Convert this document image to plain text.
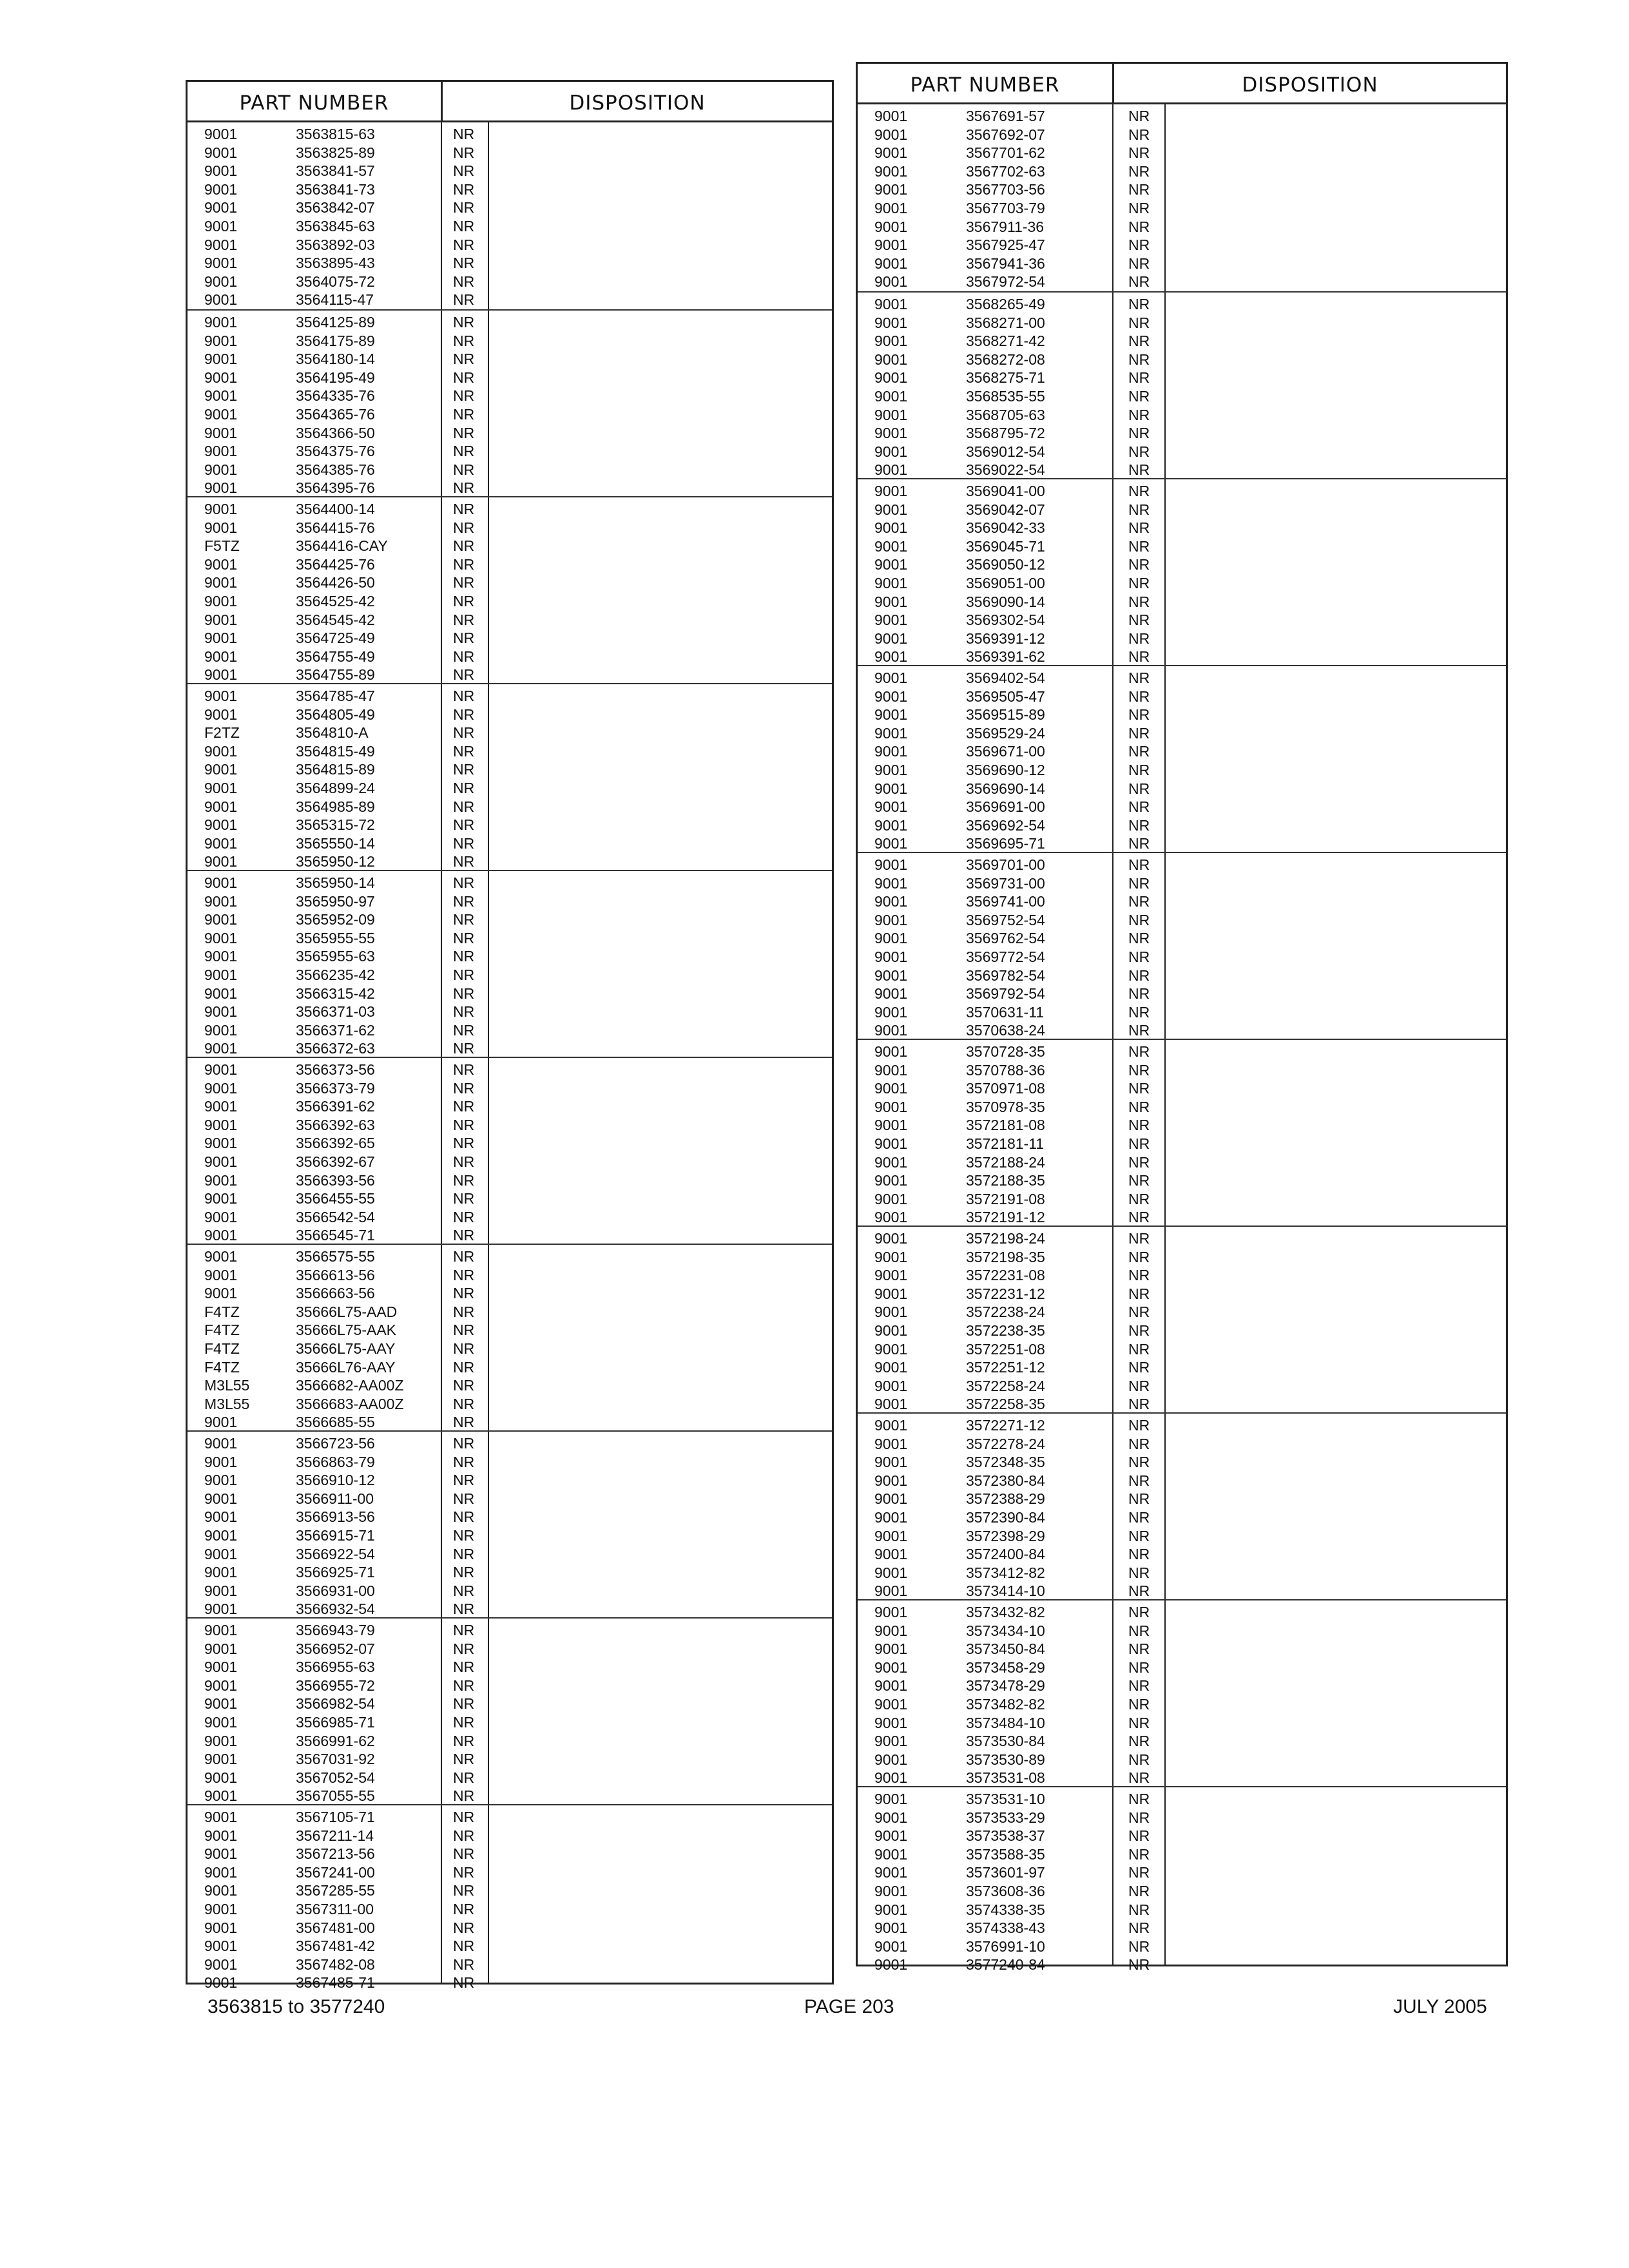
PART NUMBER	DISPOSITION
9001	3563815-63	NR
9001	3563825-89	NR
9001	3563841-57	NR
9001	3563841-73	NR
9001	3563842-07	NR
9001	3563845-63	NR
9001	3563892-03	NR
9001	3563895-43	NR
9001	3564075-72	NR
9001	3564115-47	NR
9001	3564125-89	NR
9001	3564175-89	NR
9001	3564180-14	NR
9001	3564195-49	NR
9001	3564335-76	NR
9001	3564365-76	NR
9001	3564366-50	NR
9001	3564375-76	NR
9001	3564385-76	NR
9001	3564395-76	NR
9001	3564400-14	NR
9001	3564415-76	NR
F5TZ	3564416-CAY	NR
9001	3564425-76	NR
9001	3564426-50	NR
9001	3564525-42	NR
9001	3564545-42	NR
9001	3564725-49	NR
9001	3564755-49	NR
9001	3564755-89	NR
9001	3564785-47	NR
9001	3564805-49	NR
F2TZ	3564810-A	NR
9001	3564815-49	NR
9001	3564815-89	NR
9001	3564899-24	NR
9001	3564985-89	NR
9001	3565315-72	NR
9001	3565550-14	NR
9001	3565950-12	NR
9001	3565950-14	NR
9001	3565950-97	NR
9001	3565952-09	NR
9001	3565955-55	NR
9001	3565955-63	NR
9001	3566235-42	NR
9001	3566315-42	NR
9001	3566371-03	NR
9001	3566371-62	NR
9001	3566372-63	NR
9001	3566373-56	NR
9001	3566373-79	NR
9001	3566391-62	NR
9001	3566392-63	NR
9001	3566392-65	NR
9001	3566392-67	NR
9001	3566393-56	NR
9001	3566455-55	NR
9001	3566542-54	NR
9001	3566545-71	NR
9001	3566575-55	NR
9001	3566613-56	NR
9001	3566663-56	NR
F4TZ	35666L75-AAD	NR
F4TZ	35666L75-AAK	NR
F4TZ	35666L75-AAY	NR
F4TZ	35666L76-AAY	NR
M3L55	3566682-AA00Z	NR
M3L55	3566683-AA00Z	NR
9001	3566685-55	NR
9001	3566723-56	NR
9001	3566863-79	NR
9001	3566910-12	NR
9001	3566911-00	NR
9001	3566913-56	NR
9001	3566915-71	NR
9001	3566922-54	NR
9001	3566925-71	NR
9001	3566931-00	NR
9001	3566932-54	NR
9001	3566943-79	NR
9001	3566952-07	NR
9001	3566955-63	NR
9001	3566955-72	NR
9001	3566982-54	NR
9001	3566985-71	NR
9001	3566991-62	NR
9001	3567031-92	NR
9001	3567052-54	NR
9001	3567055-55	NR
9001	3567105-71	NR
9001	3567211-14	NR
9001	3567213-56	NR
9001	3567241-00	NR
9001	3567285-55	NR
9001	3567311-00	NR
9001	3567481-00	NR
9001	3567481-42	NR
9001	3567482-08	NR
9001	3567485-71	NR
PART NUMBER	DISPOSITION
9001	3567691-57	NR
9001	3567692-07	NR
9001	3567701-62	NR
9001	3567702-63	NR
9001	3567703-56	NR
9001	3567703-79	NR
9001	3567911-36	NR
9001	3567925-47	NR
9001	3567941-36	NR
9001	3567972-54	NR
9001	3568265-49	NR
9001	3568271-00	NR
9001	3568271-42	NR
9001	3568272-08	NR
9001	3568275-71	NR
9001	3568535-55	NR
9001	3568705-63	NR
9001	3568795-72	NR
9001	3569012-54	NR
9001	3569022-54	NR
9001	3569041-00	NR
9001	3569042-07	NR
9001	3569042-33	NR
9001	3569045-71	NR
9001	3569050-12	NR
9001	3569051-00	NR
9001	3569090-14	NR
9001	3569302-54	NR
9001	3569391-12	NR
9001	3569391-62	NR
9001	3569402-54	NR
9001	3569505-47	NR
9001	3569515-89	NR
9001	3569529-24	NR
9001	3569671-00	NR
9001	3569690-12	NR
9001	3569690-14	NR
9001	3569691-00	NR
9001	3569692-54	NR
9001	3569695-71	NR
9001	3569701-00	NR
9001	3569731-00	NR
9001	3569741-00	NR
9001	3569752-54	NR
9001	3569762-54	NR
9001	3569772-54	NR
9001	3569782-54	NR
9001	3569792-54	NR
9001	3570631-11	NR
9001	3570638-24	NR
9001	3570728-35	NR
9001	3570788-36	NR
9001	3570971-08	NR
9001	3570978-35	NR
9001	3572181-08	NR
9001	3572181-11	NR
9001	3572188-24	NR
9001	3572188-35	NR
9001	3572191-08	NR
9001	3572191-12	NR
9001	3572198-24	NR
9001	3572198-35	NR
9001	3572231-08	NR
9001	3572231-12	NR
9001	3572238-24	NR
9001	3572238-35	NR
9001	3572251-08	NR
9001	3572251-12	NR
9001	3572258-24	NR
9001	3572258-35	NR
9001	3572271-12	NR
9001	3572278-24	NR
9001	3572348-35	NR
9001	3572380-84	NR
9001	3572388-29	NR
9001	3572390-84	NR
9001	3572398-29	NR
9001	3572400-84	NR
9001	3573412-82	NR
9001	3573414-10	NR
9001	3573432-82	NR
9001	3573434-10	NR
9001	3573450-84	NR
9001	3573458-29	NR
9001	3573478-29	NR
9001	3573482-82	NR
9001	3573484-10	NR
9001	3573530-84	NR
9001	3573530-89	NR
9001	3573531-08	NR
9001	3573531-10	NR
9001	3573533-29	NR
9001	3573538-37	NR
9001	3573588-35	NR
9001	3573601-97	NR
9001	3573608-36	NR
9001	3574338-35	NR
9001	3574338-43	NR
9001	3576991-10	NR
9001	3577240-84	NR
3563815 to 3577240	PAGE 203	JULY 2005
